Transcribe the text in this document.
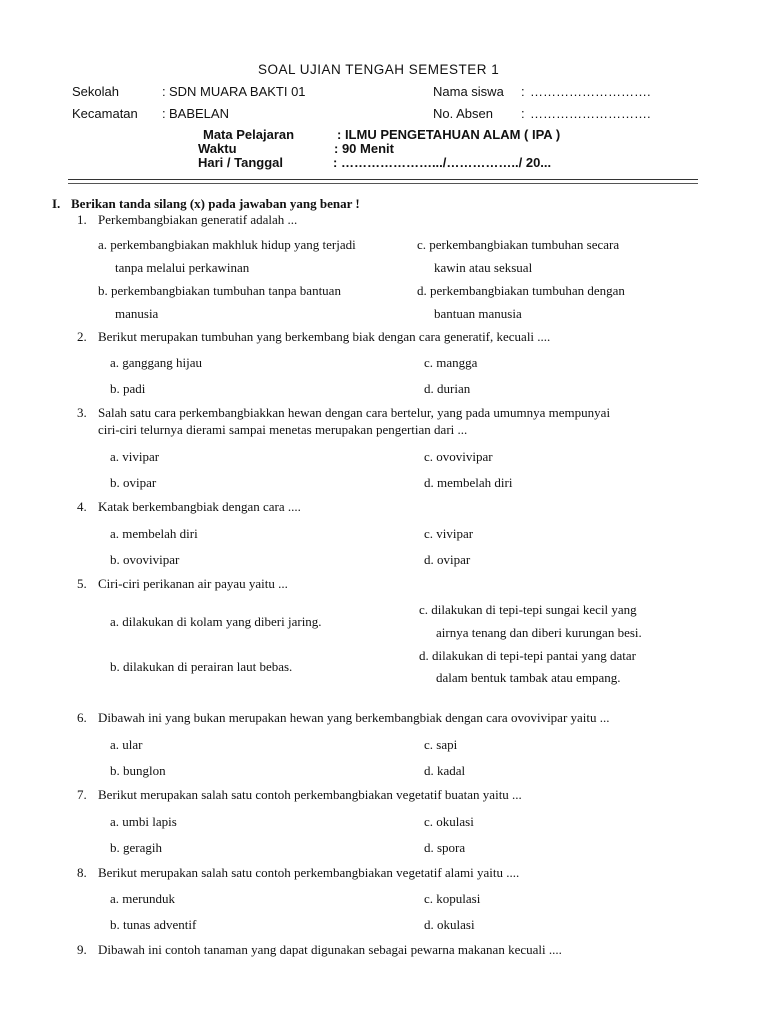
SOAL UJIAN TENGAH SEMESTER 1
Sekolah	: SDN MUARA BAKTI 01	Nama siswa : ……………………….
Kecamatan : BABELAN	No. Absen : ……………………….
Mata Pelajaran	: ILMU PENGETAHUAN ALAM ( IPA )
Waktu	: 90 Menit
Hari / Tanggal	: ………………….../……………../ 20...
I. Berikan tanda silang (x) pada jawaban yang benar !
1. Perkembangbiakan generatif adalah ...
a. perkembangbiakan makhluk hidup yang terjadi
tanpa melalui perkawinan
b. perkembangbiakan tumbuhan tanpa bantuan
manusia
c. perkembangbiakan tumbuhan secara
kawin atau seksual
d. perkembangbiakan tumbuhan dengan
bantuan manusia
2. Berikut merupakan tumbuhan yang berkembang biak dengan cara generatif, kecuali ....
a. ganggang hijau
b. padi
c. mangga
d. durian
3. Salah satu cara perkembangbiakkan hewan dengan cara bertelur, yang pada umumnya mempunyai
ciri-ciri telurnya dierami sampai menetas merupakan pengertian dari ...
a. vivipar
b. ovipar
c. ovovivipar
d. membelah diri
4. Katak berkembangbiak dengan cara ....
a. membelah diri
b. ovovivipar
c. vivipar
d. ovipar
5. Ciri-ciri perikanan air payau yaitu ...
a. dilakukan di kolam yang diberi jaring.
b. dilakukan di perairan laut bebas.
c. dilakukan di tepi-tepi sungai kecil yang
airnya tenang dan diberi kurungan besi.
d. dilakukan di tepi-tepi pantai yang datar
dalam bentuk tambak atau empang.
6. Dibawah ini yang bukan merupakan hewan yang berkembangbiak dengan cara ovovivipar yaitu ...
a. ular
b. bunglon
c. sapi
d. kadal
7. Berikut merupakan salah satu contoh perkembangbiakan vegetatif buatan yaitu ...
a. umbi lapis
b. geragih
c. okulasi
d. spora
8. Berikut merupakan salah satu contoh perkembangbiakan vegetatif alami yaitu ....
a. merunduk
b. tunas adventif
c. kopulasi
d. okulasi
9. Dibawah ini contoh tanaman yang dapat digunakan sebagai pewarna makanan kecuali ....
